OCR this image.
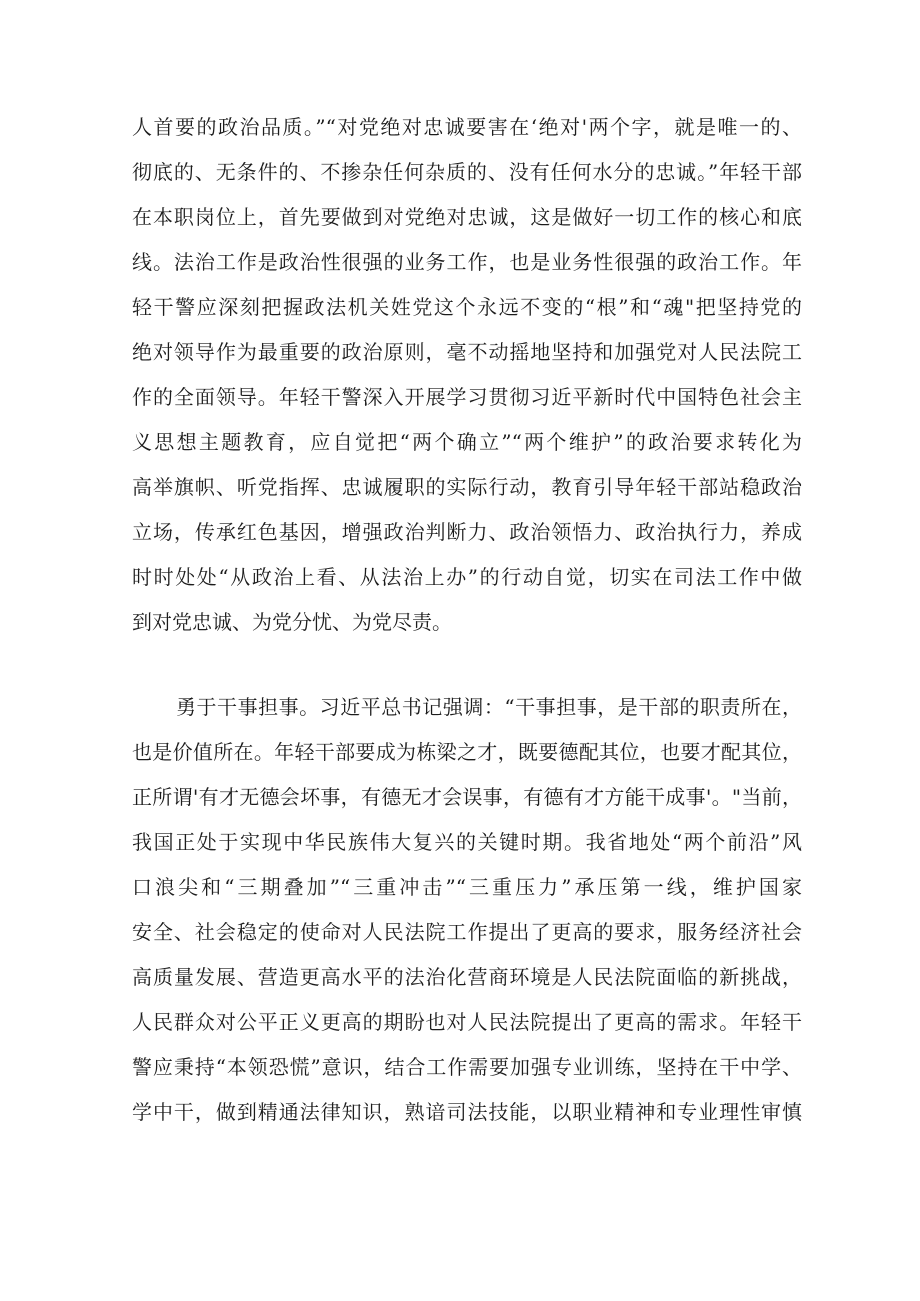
人首要的政治品质。”“对党绝对忠诚要害在‘绝对'两个字，就是唯一的、
彻底的、无条件的、不掺杂任何杂质的、没有任何水分的忠诚。”年轻干部
在本职岗位上，首先要做到对党绝对忠诚，这是做好一切工作的核心和底
线。法治工作是政治性很强的业务工作，也是业务性很强的政治工作。年
轻干警应深刻把握政法机关姓党这个永远不变的“根”和“魂"把坚持党的
绝对领导作为最重要的政治原则，毫不动摇地坚持和加强党对人民法院工
作的全面领导。年轻干警深入开展学习贯彻习近平新时代中国特色社会主
义思想主题教育，应自觉把“两个确立”“两个维护”的政治要求转化为
高举旗帜、听党指挥、忠诚履职的实际行动，教育引导年轻干部站稳政治
立场，传承红色基因，增强政治判断力、政治领悟力、政治执行力，养成
时时处处“从政治上看、从法治上办”的行动自觉，切实在司法工作中做
到对党忠诚、为党分忧、为党尽责。
勇于干事担事。习近平总书记强调：“干事担事，是干部的职责所在，
也是价值所在。年轻干部要成为栋梁之才，既要德配其位，也要才配其位，
正所谓'有才无德会坏事，有德无才会误事，有德有才方能干成事'。"当前，
我国正处于实现中华民族伟大复兴的关键时期。我省地处“两个前沿”风
口浪尖和“三期叠加”“三重冲击”“三重压力”承压第一线，维护国家
安全、社会稳定的使命对人民法院工作提出了更高的要求，服务经济社会
高质量发展、营造更高水平的法治化营商环境是人民法院面临的新挑战，
人民群众对公平正义更高的期盼也对人民法院提出了更高的需求。年轻干
警应秉持“本领恐慌”意识，结合工作需要加强专业训练，坚持在干中学、
学中干，做到精通法律知识，熟谙司法技能，以职业精神和专业理性审慎
